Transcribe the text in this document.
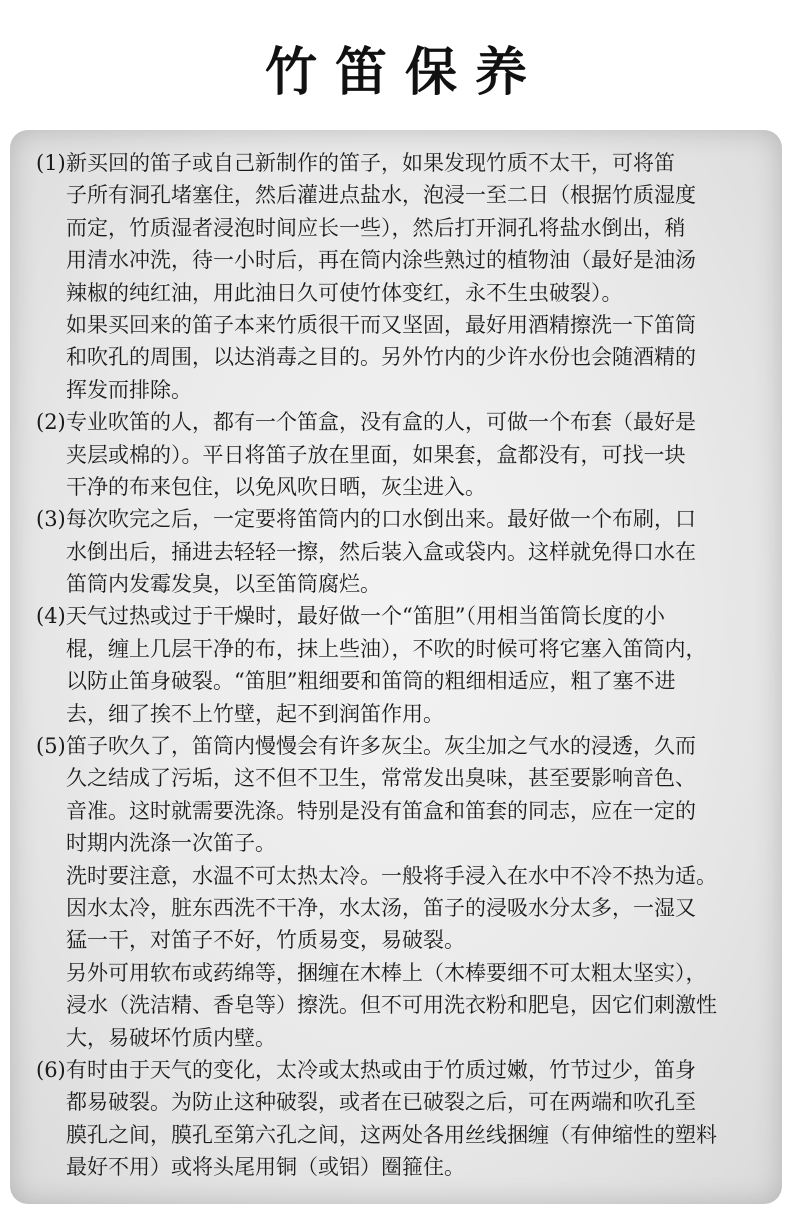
竹笛保养
(1)新买回的笛子或自己新制作的笛子，如果发现竹质不太干，可将笛
子所有洞孔堵塞住，然后灌进点盐水，泡浸一至二日（根据竹质湿度
而定，竹质湿者浸泡时间应长一些），然后打开洞孔将盐水倒出，稍
用清水冲洗，待一小时后，再在筒内涂些熟过的植物油（最好是油汤
辣椒的纯红油，用此油日久可使竹体变红，永不生虫破裂）。
如果买回来的笛子本来竹质很干而又坚固，最好用酒精擦洗一下笛筒
和吹孔的周围，以达消毒之目的。另外竹内的少许水份也会随酒精的
挥发而排除。
(2)专业吹笛的人，都有一个笛盒，没有盒的人，可做一个布套（最好是
夹层或棉的）。平日将笛子放在里面，如果套，盒都没有，可找一块
干净的布来包住，以免风吹日晒，灰尘进入。
(3)每次吹完之后，一定要将笛筒内的口水倒出来。最好做一个布刷，口
水倒出后，捅进去轻轻一擦，然后装入盒或袋内。这样就免得口水在
笛筒内发霉发臭，以至笛筒腐烂。
(4)天气过热或过于干燥时，最好做一个“笛胆”（用相当笛筒长度的小
棍，缠上几层干净的布，抹上些油），不吹的时候可将它塞入笛筒内，
以防止笛身破裂。“笛胆”粗细要和笛筒的粗细相适应，粗了塞不进
去，细了挨不上竹壁，起不到润笛作用。
(5)笛子吹久了，笛筒内慢慢会有许多灰尘。灰尘加之气水的浸透，久而
久之结成了污垢，这不但不卫生，常常发出臭味，甚至要影响音色、
音准。这时就需要洗涤。特别是没有笛盒和笛套的同志，应在一定的
时期内洗涤一次笛子。
洗时要注意，水温不可太热太冷。一般将手浸入在水中不冷不热为适。
因水太冷，脏东西洗不干净，水太汤，笛子的浸吸水分太多，一湿又
猛一干，对笛子不好，竹质易变，易破裂。
另外可用软布或药绵等，捆缠在木棒上（木棒要细不可太粗太坚实），
浸水（洗洁精、香皂等）擦洗。但不可用洗衣粉和肥皂，因它们刺激性
大，易破坏竹质内壁。
(6)有时由于天气的变化，太冷或太热或由于竹质过嫩，竹节过少，笛身
都易破裂。为防止这种破裂，或者在已破裂之后，可在两端和吹孔至
膜孔之间，膜孔至第六孔之间，这两处各用丝线捆缠（有伸缩性的塑料
最好不用）或将头尾用铜（或铝）圈箍住。
